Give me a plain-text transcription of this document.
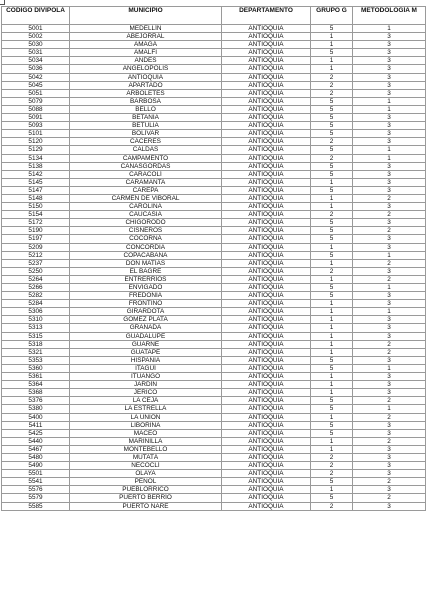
CÓDIGO DIVIPOLA	MUNICIPIO	DEPARTAMENTO	GRUPO G	METODOLOGÍA M
5001	MEDELLÍN	ANTIOQUIA	5	1
5002	ABEJORRAL	ANTIOQUIA	1	3
5030	AMAGÁ	ANTIOQUIA	1	3
5031	AMALFI	ANTIOQUIA	5	3
5034	ANDES	ANTIOQUIA	1	3
5036	ANGELÓPOLIS	ANTIOQUIA	1	3
5042	ANTIOQUIA	ANTIOQUIA	2	3
5045	APARTADÓ	ANTIOQUIA	2	3
5051	ARBOLETES	ANTIOQUIA	2	3
5079	BARBOSA	ANTIOQUIA	5	1
5088	BELLO	ANTIOQUIA	5	1
5091	BETANIA	ANTIOQUIA	5	3
5093	BETULIA	ANTIOQUIA	5	3
5101	BOLÍVAR	ANTIOQUIA	5	3
5120	CÁCERES	ANTIOQUIA	2	3
5129	CALDAS	ANTIOQUIA	5	1
5134	CAMPAMENTO	ANTIOQUIA	2	1
5138	CAÑASGORDAS	ANTIOQUIA	5	3
5142	CARACOLÍ	ANTIOQUIA	5	3
5145	CARAMANTA	ANTIOQUIA	1	3
5147	CAREPA	ANTIOQUIA	5	3
5148	CARMEN DE VIBORAL	ANTIOQUIA	1	2
5150	CAROLINA	ANTIOQUIA	1	3
5154	CAUCASIA	ANTIOQUIA	2	2
5172	CHIGORODÓ	ANTIOQUIA	5	3
5190	CISNEROS	ANTIOQUIA	5	2
5197	COCORNÁ	ANTIOQUIA	5	3
5209	CONCORDIA	ANTIOQUIA	1	3
5212	COPACABANA	ANTIOQUIA	5	1
5237	DON MATÍAS	ANTIOQUIA	1	2
5250	EL BAGRE	ANTIOQUIA	2	3
5264	ENTRERRÍOS	ANTIOQUIA	1	2
5266	ENVIGADO	ANTIOQUIA	5	1
5282	FREDONIA	ANTIOQUIA	5	3
5284	FRONTINO	ANTIOQUIA	1	3
5306	GIRARDOTA	ANTIOQUIA	1	1
5310	GÓMEZ PLATA	ANTIOQUIA	1	3
5313	GRANADA	ANTIOQUIA	1	3
5315	GUADALUPE	ANTIOQUIA	1	3
5318	GUARNE	ANTIOQUIA	1	2
5321	GUATAPÉ	ANTIOQUIA	1	2
5353	HISPANIA	ANTIOQUIA	5	3
5360	ITAGÜÍ	ANTIOQUIA	5	1
5361	ITUANGO	ANTIOQUIA	1	3
5364	JARDÍN	ANTIOQUIA	1	3
5368	JERICÓ	ANTIOQUIA	1	3
5376	LA CEJA	ANTIOQUIA	5	2
5380	LA ESTRELLA	ANTIOQUIA	5	1
5400	LA UNIÓN	ANTIOQUIA	1	2
5411	LIBORINA	ANTIOQUIA	5	3
5425	MACEO	ANTIOQUIA	5	3
5440	MARINILLA	ANTIOQUIA	1	2
5467	MONTEBELLO	ANTIOQUIA	1	3
5480	MUTATÁ	ANTIOQUIA	2	3
5490	NECOCLÍ	ANTIOQUIA	2	3
5501	OLAYA	ANTIOQUIA	2	3
5541	PEÑOL	ANTIOQUIA	5	2
5576	PUEBLORRICO	ANTIOQUIA	1	3
5579	PUERTO BERRÍO	ANTIOQUIA	5	2
5585	PUERTO NARE	ANTIOQUIA	2	3
